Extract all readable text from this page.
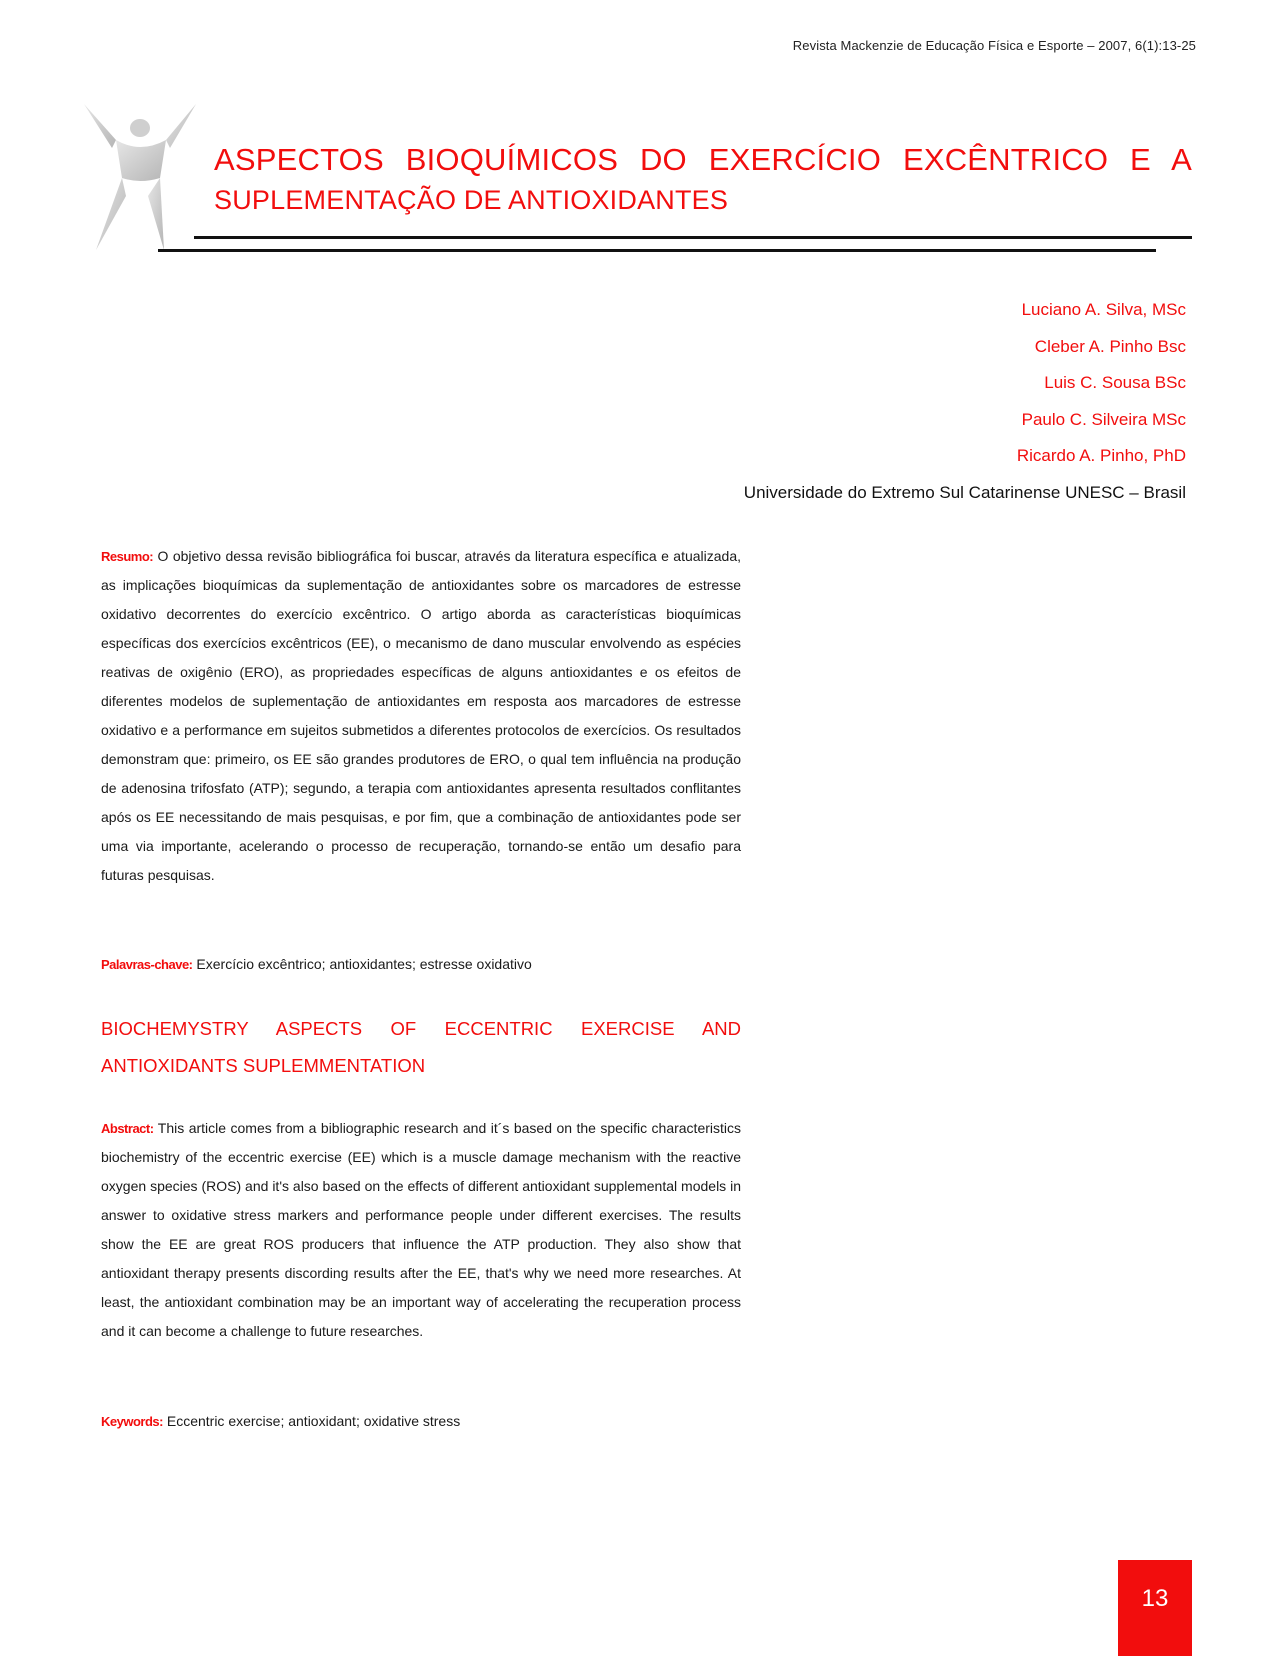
Revista Mackenzie de Educação Física e Esporte – 2007, 6(1):13-25
ASPECTOS BIOQUÍMICOS DO EXERCÍCIO EXCÊNTRICO E A
SUPLEMENTAÇÃO DE ANTIOXIDANTES
Luciano A. Silva, MSc
Cleber A. Pinho Bsc
Luis C. Sousa BSc
Paulo C. Silveira MSc
Ricardo A. Pinho, PhD
Universidade do Extremo Sul Catarinense UNESC – Brasil
Resumo: O objetivo dessa revisão bibliográfica foi buscar, através da literatura específica e atualizada, as implicações bioquímicas da suplementação de antioxidantes sobre os marcadores de estresse oxidativo decorrentes do exercício excêntrico. O artigo aborda as características bioquímicas específicas dos exercícios excêntricos (EE), o mecanismo de dano muscular envolvendo as espécies reativas de oxigênio (ERO), as propriedades específicas de alguns antioxidantes e os efeitos de diferentes modelos de suplementação de antioxidantes em resposta aos marcadores de estresse oxidativo e a performance em sujeitos submetidos a diferentes protocolos de exercícios. Os resultados demonstram que: primeiro, os EE são grandes produtores de ERO, o qual tem influência na produção de adenosina trifosfato (ATP); segundo, a terapia com antioxidantes apresenta resultados conflitantes após os EE necessitando de mais pesquisas, e por fim, que a combinação de antioxidantes pode ser uma via importante, acelerando o processo de recuperação, tornando-se então um desafio para futuras pesquisas.
Palavras-chave: Exercício excêntrico; antioxidantes; estresse oxidativo
BIOCHEMYSTRY ASPECTS OF ECCENTRIC EXERCISE AND
ANTIOXIDANTS SUPLEMMENTATION
Abstract: This article comes from a bibliographic research and it´s based on the specific characteristics biochemistry of the eccentric exercise (EE) which is a muscle damage mechanism with the reactive oxygen species (ROS) and it's also based on the effects of different antioxidant supplemental models in answer to oxidative stress markers and performance people under different exercises. The results show the EE are great ROS producers that influence the ATP production. They also show that antioxidant therapy presents discording results after the EE, that's why we need more researches. At least, the antioxidant combination may be an important way of accelerating the recuperation process and it can become a challenge to future researches.
Keywords: Eccentric exercise; antioxidant; oxidative stress
13
